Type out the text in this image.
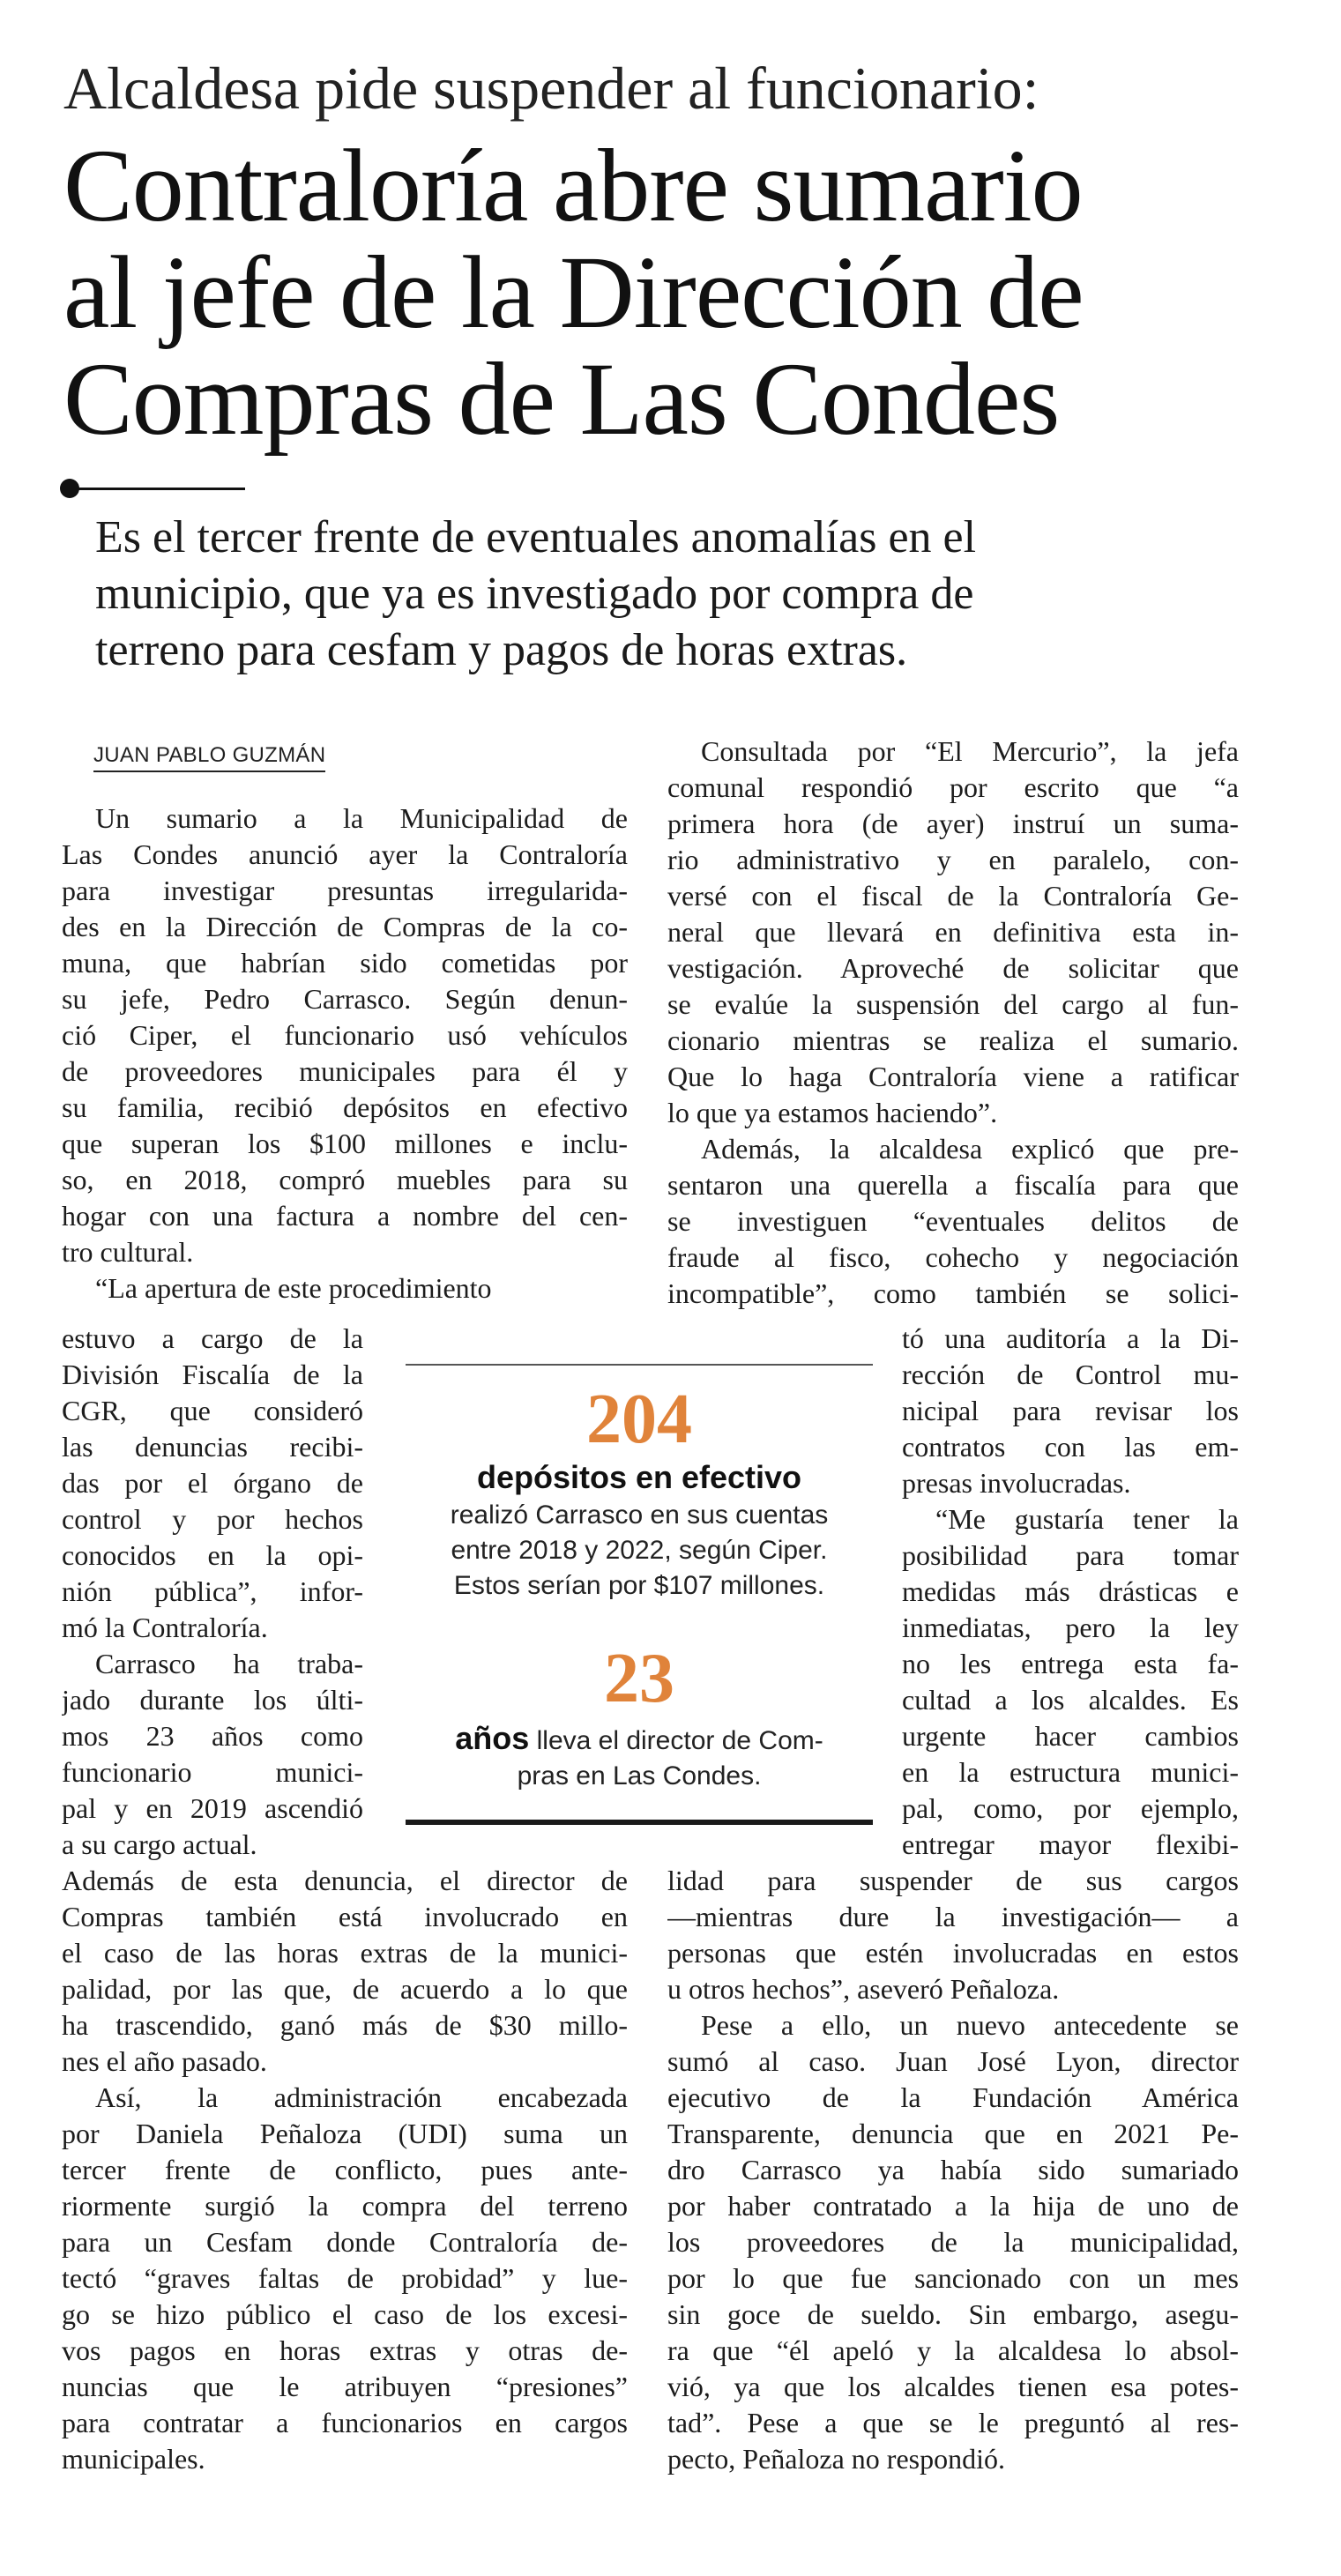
Alcaldesa pide suspender al funcionario:
Contraloría abre sumario
al jefe de la Dirección de
Compras de Las Condes
Es el tercer frente de eventuales anomalías en el
municipio, que ya es investigado por compra de
terreno para cesfam y pagos de horas extras.
JUAN PABLO GUZMÁN
Un sumario a la Municipalidad de
Las Condes anunció ayer la Contraloría
para investigar presuntas irregularida-
des en la Dirección de Compras de la co-
muna, que habrían sido cometidas por
su jefe, Pedro Carrasco. Según denun-
ció Ciper, el funcionario usó vehículos
de proveedores municipales para él y
su familia, recibió depósitos en efectivo
que superan los $100 millones e inclu-
so, en 2018, compró muebles para su
hogar con una factura a nombre del cen-
tro cultural.
“La apertura de este procedimiento
estuvo a cargo de la
División Fiscalía de la
CGR, que consideró
las denuncias recibi-
das por el órgano de
control y por hechos
conocidos en la opi-
nión pública”, infor-
mó la Contraloría.
Carrasco ha traba-
jado durante los últi-
mos 23 años como
funcionario munici-
pal y en 2019 ascendió
a su cargo actual.
Además de esta denuncia, el director de
Compras también está involucrado en
el caso de las horas extras de la munici-
palidad, por las que, de acuerdo a lo que
ha trascendido, ganó más de $30 millo-
nes el año pasado.
Así, la administración encabezada
por Daniela Peñaloza (UDI) suma un
tercer frente de conflicto, pues ante-
riormente surgió la compra del terreno
para un Cesfam donde Contraloría de-
tectó “graves faltas de probidad” y lue-
go se hizo público el caso de los excesi-
vos pagos en horas extras y otras de-
nuncias que le atribuyen “presiones”
para contratar a funcionarios en cargos
municipales.
Consultada por “El Mercurio”, la jefa
comunal respondió por escrito que “a
primera hora (de ayer) instruí un suma-
rio administrativo y en paralelo, con-
versé con el fiscal de la Contraloría Ge-
neral que llevará en definitiva esta in-
vestigación. Aproveché de solicitar que
se evalúe la suspensión del cargo al fun-
cionario mientras se realiza el sumario.
Que lo haga Contraloría viene a ratificar
lo que ya estamos haciendo”.
Además, la alcaldesa explicó que pre-
sentaron una querella a fiscalía para que
se investiguen “eventuales delitos de
fraude al fisco, cohecho y negociación
incompatible”, como también se solici-
tó una auditoría a la Di-
rección de Control mu-
nicipal para revisar los
contratos con las em-
presas involucradas.
“Me gustaría tener la
posibilidad para tomar
medidas más drásticas e
inmediatas, pero la ley
no les entrega esta fa-
cultad a los alcaldes. Es
urgente hacer cambios
en la estructura munici-
pal, como, por ejemplo,
entregar mayor flexibi-
lidad para suspender de sus cargos
—mientras dure la investigación— a
personas que estén involucradas en estos
u otros hechos”, aseveró Peñaloza.
Pese a ello, un nuevo antecedente se
sumó al caso. Juan José Lyon, director
ejecutivo de la Fundación América
Transparente, denuncia que en 2021 Pe-
dro Carrasco ya había sido sumariado
por haber contratado a la hija de uno de
los proveedores de la municipalidad,
por lo que fue sancionado con un mes
sin goce de sueldo. Sin embargo, asegu-
ra que “él apeló y la alcaldesa lo absol-
vió, ya que los alcaldes tienen esa potes-
tad”. Pese a que se le preguntó al res-
pecto, Peñaloza no respondió.
204
depósitos en efectivo
realizó Carrasco en sus cuentas
entre 2018 y 2022, según Ciper.
Estos serían por $107 millones.
23
años lleva el director de Com-
pras en Las Condes.
